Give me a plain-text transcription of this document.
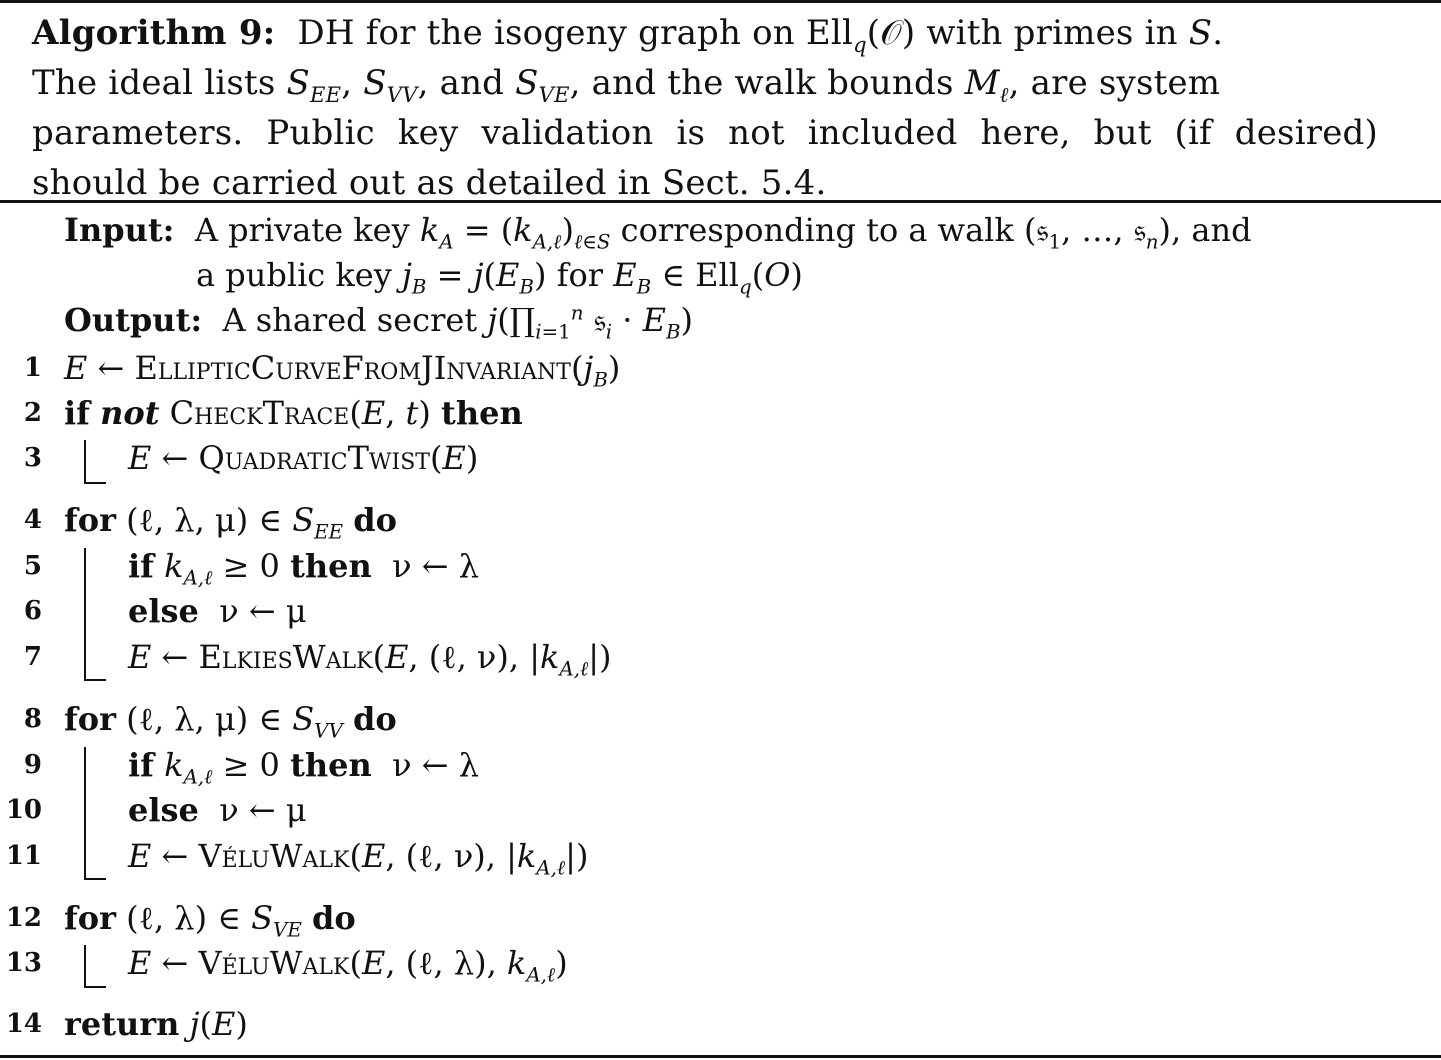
Algorithm 9:  DH for the isogeny graph on Ell$_q$(𝒪) with primes in S.
The ideal lists $S_{EE}$, $S_{VV}$, and $S_{VE}$, and the walk bounds $M_\ell$, are system
parameters. Public key validation is not included here, but (if desired)
should be carried out as detailed in Sect. 5.4.
Input:  A private key $k_A = (k_{A,\ell})_{\ell\in S}$ corresponding to a walk (𝔰$_1$, …, 𝔰$_n$), and
a public key $j_B = j(E_B)$ for $E_B$ ∈ Ell$_q$(O)
Output:  A shared secret $j(\prod_{i=1}^n$ 𝔰$_i$ · $E_B$)
1 E ← $EllipticCurveFromJInvariant(j_B)$
2 if not CheckTrace(E, t) then
3	E ← QuadraticTwist(E)
4 for (ℓ, λ, μ) ∈ $S_{EE}$ do
5	if $k_{A,\ell} \ge 0$ then  ν ← λ
6	else  ν ← μ
7	E ← ElkiesWalk(E, (ℓ, ν), $|k_{A,\ell}|$)
8 for (ℓ, λ, μ) ∈ $S_{VV}$ do
9	if $k_{A,\ell} \ge 0$ then  ν ← λ
10	else  ν ← μ
11	E ← VéluWalk(E, (ℓ, ν), $|k_{A,\ell}|$)
12 for (ℓ, λ) ∈ $S_{VE}$ do
13	E ← VéluWalk(E, (ℓ, λ), $k_{A,\ell}$)
14 return j(E)
